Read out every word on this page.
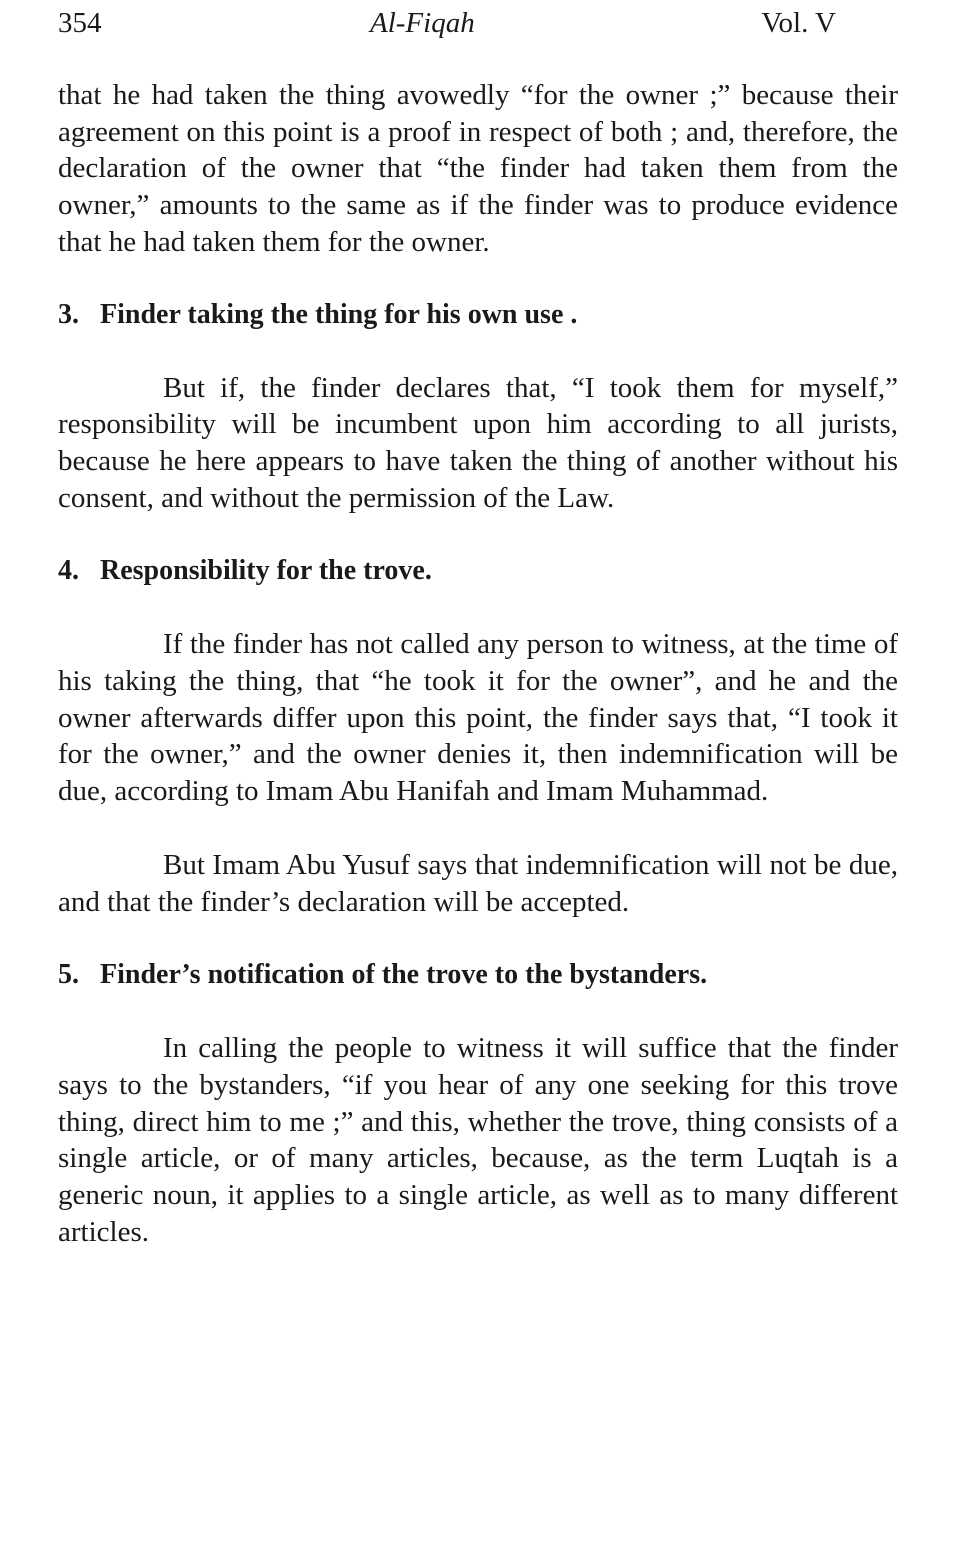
354	Al-Fiqah	Vol. V

that he had taken the thing avowedly “for the owner ;” because their agreement on this point is a proof in respect of both ; and, therefore, the declaration of the owner that “the finder had taken them from the owner,” amounts to the same as if the finder was to produce evidence that he had taken them for the owner.

3. Finder taking the thing for his own use .

But if, the finder declares that, “I took them for myself,” responsibility will be incumbent upon him according to all jurists, because he here appears to have taken the thing of another without his consent, and without the permission of the Law.

4. Responsibility for the trove.

If the finder has not called any person to witness, at the time of his taking the thing, that “he took it for the owner”, and he and the owner afterwards differ upon this point, the finder says that, “I took it for the owner,” and the owner denies it, then indemnification will be due, according to Imam Abu Hanifah and Imam Muhammad.

But Imam Abu Yusuf says that indemnification will not be due, and that the finder’s declaration will be accepted.

5. Finder’s notification of the trove to the bystanders.

In calling the people to witness it will suffice that the finder says to the bystanders, “if you hear of any one seeking for this trove thing, direct him to me ;” and this, whether the trove, thing consists of a single article, or of many articles, because, as the term Luqtah is a generic noun, it applies to a single article, as well as to many different articles.
